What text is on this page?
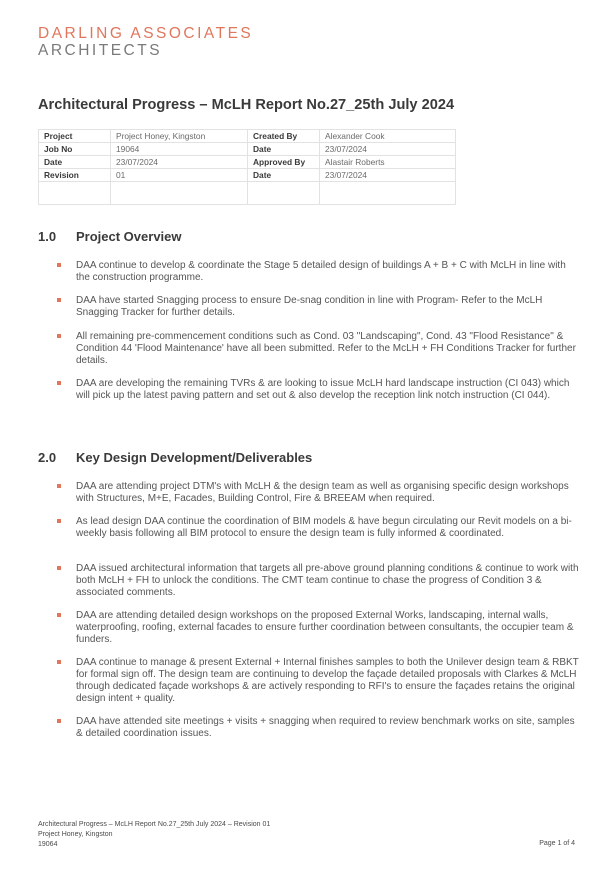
DARLING ASSOCIATES
ARCHITECTS
Architectural Progress – McLH Report No.27_25th July 2024
Project	Project Honey, Kingston	Created By	Alexander Cook
Job No	19064	Date	23/07/2024
Date	23/07/2024	Approved By	Alastair Roberts
Revision	01	Date	23/07/2024

1.0	Project Overview
DAA continue to develop & coordinate the Stage 5 detailed design of buildings A + B + C with McLH in line with the construction programme.
DAA have started Snagging process to ensure De-snag condition in line with Program- Refer to the McLH Snagging Tracker for further details.
All remaining pre-commencement conditions such as Cond. 03 "Landscaping", Cond. 43 "Flood Resistance" & Condition 44 'Flood Maintenance' have all been submitted. Refer to the McLH + FH Conditions Tracker for further details.
DAA are developing the remaining TVRs & are looking to issue McLH hard landscape instruction (CI 043) which will pick up the latest paving pattern and set out & also develop the reception link notch instruction (CI 044).
2.0	Key Design Development/Deliverables
DAA are attending project DTM's with McLH & the design team as well as organising specific design workshops with Structures, M+E, Facades, Building Control, Fire & BREEAM when required.
As lead design DAA continue the coordination of BIM models & have begun circulating our Revit models on a bi-weekly basis following all BIM protocol to ensure the design team is fully informed & coordinated.
DAA issued architectural information that targets all pre-above ground planning conditions & continue to work with both McLH + FH to unlock the conditions. The CMT team continue to chase the progress of Condition 3 & associated comments.
DAA are attending detailed design workshops on the proposed External Works, landscaping, internal walls, waterproofing, roofing, external facades to ensure further coordination between consultants, the occupier team & funders.
DAA continue to manage & present External + Internal finishes samples to both the Unilever design team & RBKT for formal sign off. The design team are continuing to develop the façade detailed proposals with Clarkes & McLH through dedicated façade workshops & are actively responding to RFI's to ensure the façades retains the original design intent + quality.
DAA have attended site meetings + visits + snagging when required to review benchmark works on site, samples & detailed coordination issues.
Architectural Progress – McLH Report No.27_25th July 2024 – Revision 01
Project Honey, Kingston
19064	Page 1 of 4
